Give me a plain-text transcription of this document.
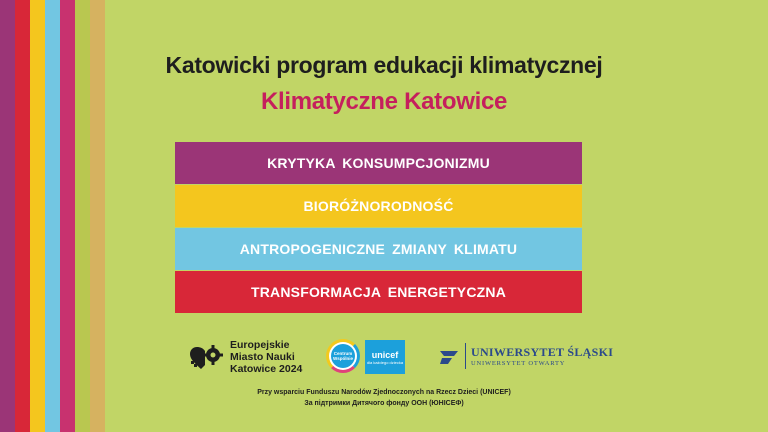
Katowicki program edukacji klimatycznej
Klimatyczne Katowice
KRYTYKA KONSUMPCJONIZMU
BIORÓŻNORODNOŚĆ
ANTROPOGENICZNE ZMIANY KLIMATU
TRANSFORMACJA ENERGETYCZNA
Europejskie
Miasto Nauki
Katowice 2024
Centrum Wspólnie unicef
dla każdego dziecka
UNIWERSYTET ŚLĄSKI
UNIWERSYTET OTWARTY
Przy wsparciu Funduszu Narodów Zjednoczonych na Rzecz Dzieci (UNICEF)
За підтримки Дитячого фонду ООН (ЮНІСЕФ)
